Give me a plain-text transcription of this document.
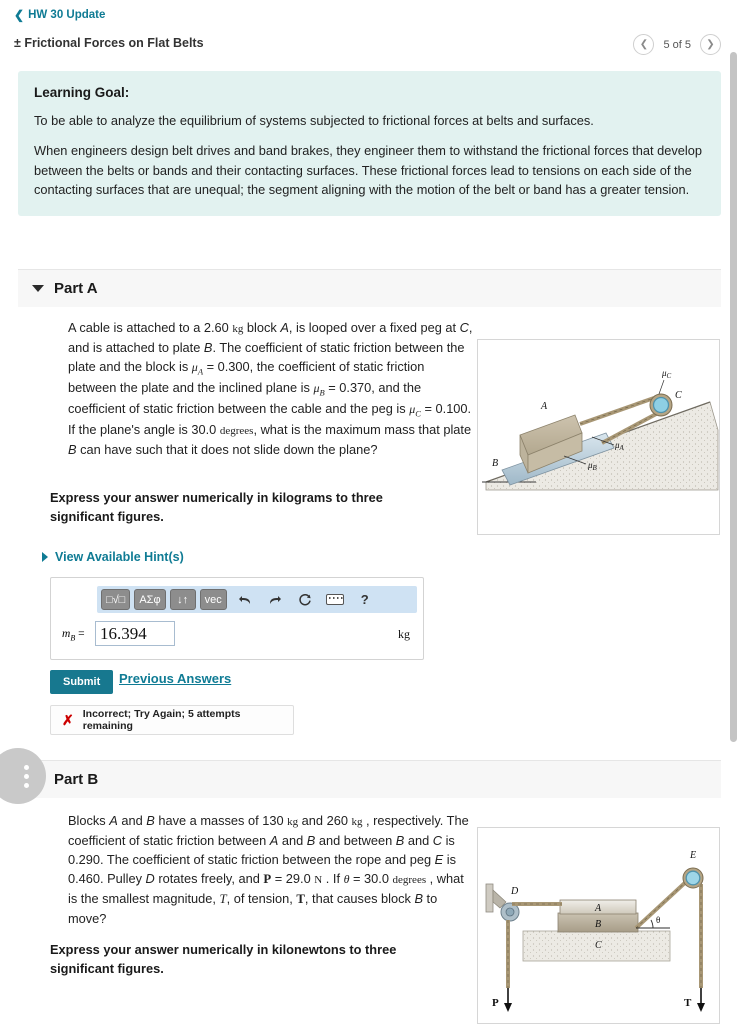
❮ HW 30 Update
± Frictional Forces on Flat Belts	❮	5 of 5	❯
Learning Goal:

To be able to analyze the equilibrium of systems subjected to frictional forces at belts and surfaces.

When engineers design belt drives and band brakes, they engineer them to withstand the frictional forces that develop between the belts or bands and their contacting surfaces. These frictional forces lead to tensions on each side of the contacting surfaces that are unequal; the segment aligning with the motion of the belt or band has a greater tension.

Part A
A cable is attached to a 2.60 kg block A, is looped over a fixed peg at C, and is attached to plate B. The coefficient of static friction between the plate and the block is $\mu_A = 0.300$, the coefficient of static friction between the plate and the inclined plane is $\mu_B = 0.370$, and the coefficient of static friction between the cable and the peg is $\mu_C = 0.100$. If the plane's angle is 30.0 degrees, what is the maximum mass that plate B can have such that it does not slide down the plane?
B
A
C
$\mu_C$
$\mu_A$
$\mu_B$
Express your answer numerically in kilograms to three
significant figures.
View Available Hint(s)
□√□	ΑΣφ	↓↑	vec	?
$m_B = 16.394$	kg
Submit	Previous Answers
✗ Incorrect; Try Again; 5 attempts remaining
Part B
Blocks A and B have a masses of 130 kg and 260 kg , respectively. The coefficient of static friction between A and B and between B and C is 0.290. The coefficient of static friction between the rope and peg E is 0.460. Pulley D rotates freely, and P = 29.0 N . If θ = 30.0 degrees , what is the smallest magnitude, T, of tension, T, that causes block B to move?
C
B
A
D
θ
E
P	T
Express your answer numerically in kilonewtons to three
significant figures.
